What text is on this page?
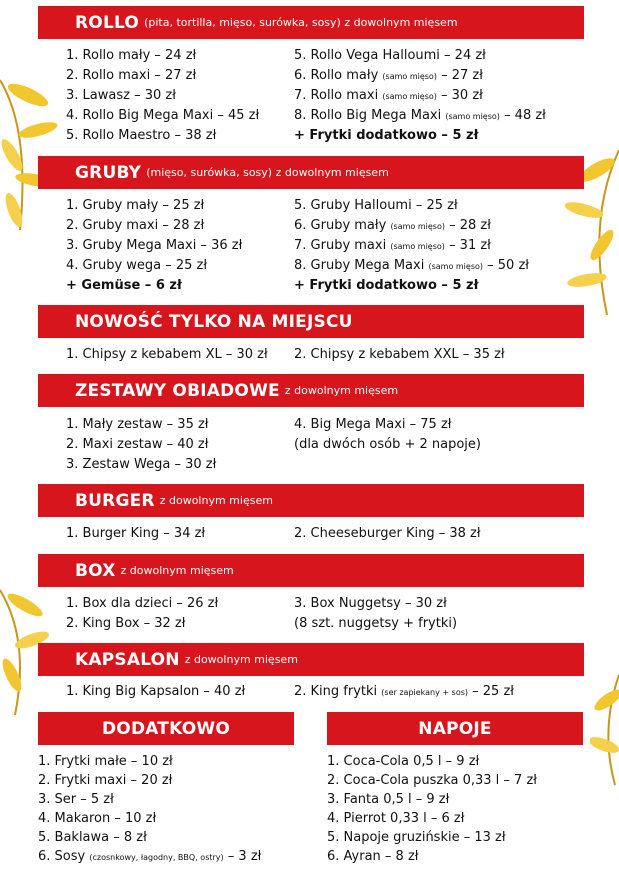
ROLLO (pita, tortilla, mięso, surówka, sosy) z dowolnym mięsem
1. Rollo mały – 24 zł
2. Rollo maxi – 27 zł
3. Lawasz – 30 zł
4. Rollo Big Mega Maxi – 45 zł
5. Rollo Maestro – 38 zł
5. Rollo Vega Halloumi – 24 zł
6. Rollo mały (samo mięso) – 27 zł
7. Rollo maxi (samo mięso) – 30 zł
8. Rollo Big Mega Maxi (samo mięso) – 48 zł
+ Frytki dodatkowo – 5 zł
GRUBY (mięso, surówka, sosy) z dowolnym mięsem
1. Gruby mały – 25 zł
2. Gruby maxi – 28 zł
3. Gruby Mega Maxi – 36 zł
4. Gruby wega – 25 zł
+ Gemüse – 6 zł
5. Gruby Halloumi – 25 zł
6. Gruby mały (samo mięso) – 28 zł
7. Gruby maxi (samo mięso) – 31 zł
8. Gruby Mega Maxi (samo mięso) – 50 zł
+ Frytki dodatkowo – 5 zł
NOWOŚĆ TYLKO NA MIEJSCU
1. Chipsy z kebabem XL – 30 zł 2. Chipsy z kebabem XXL – 35 zł
ZESTAWY OBIADOWE z dowolnym mięsem
1. Mały zestaw – 35 zł
2. Maxi zestaw – 40 zł
3. Zestaw Wega – 30 zł
4. Big Mega Maxi – 75 zł
(dla dwóch osób + 2 napoje)
BURGER z dowolnym mięsem
1. Burger King – 34 zł	2. Cheeseburger King – 38 zł
BOX z dowolnym mięsem
1. Box dla dzieci – 26 zł
2. King Box – 32 zł
3. Box Nuggetsy – 30 zł
(8 szt. nuggetsy + frytki)
KAPSALON z dowolnym mięsem
1. King Big Kapsalon – 40 zł	2. King frytki (ser zapiekany + sos) – 25 zł
DODATKOWO
1. Frytki małe – 10 zł
2. Frytki maxi – 20 zł
3. Ser – 5 zł
4. Makaron – 10 zł
5. Baklawa – 8 zł
6. Sosy (czosnkowy, łagodny, BBQ, ostry) – 3 zł
NAPOJE
1. Coca-Cola 0,5 l – 9 zł
2. Coca-Cola puszka 0,33 l – 7 zł
3. Fanta 0,5 l – 9 zł
4. Pierrot 0,33 l – 6 zł
5. Napoje gruzińskie – 13 zł
6. Ayran – 8 zł
